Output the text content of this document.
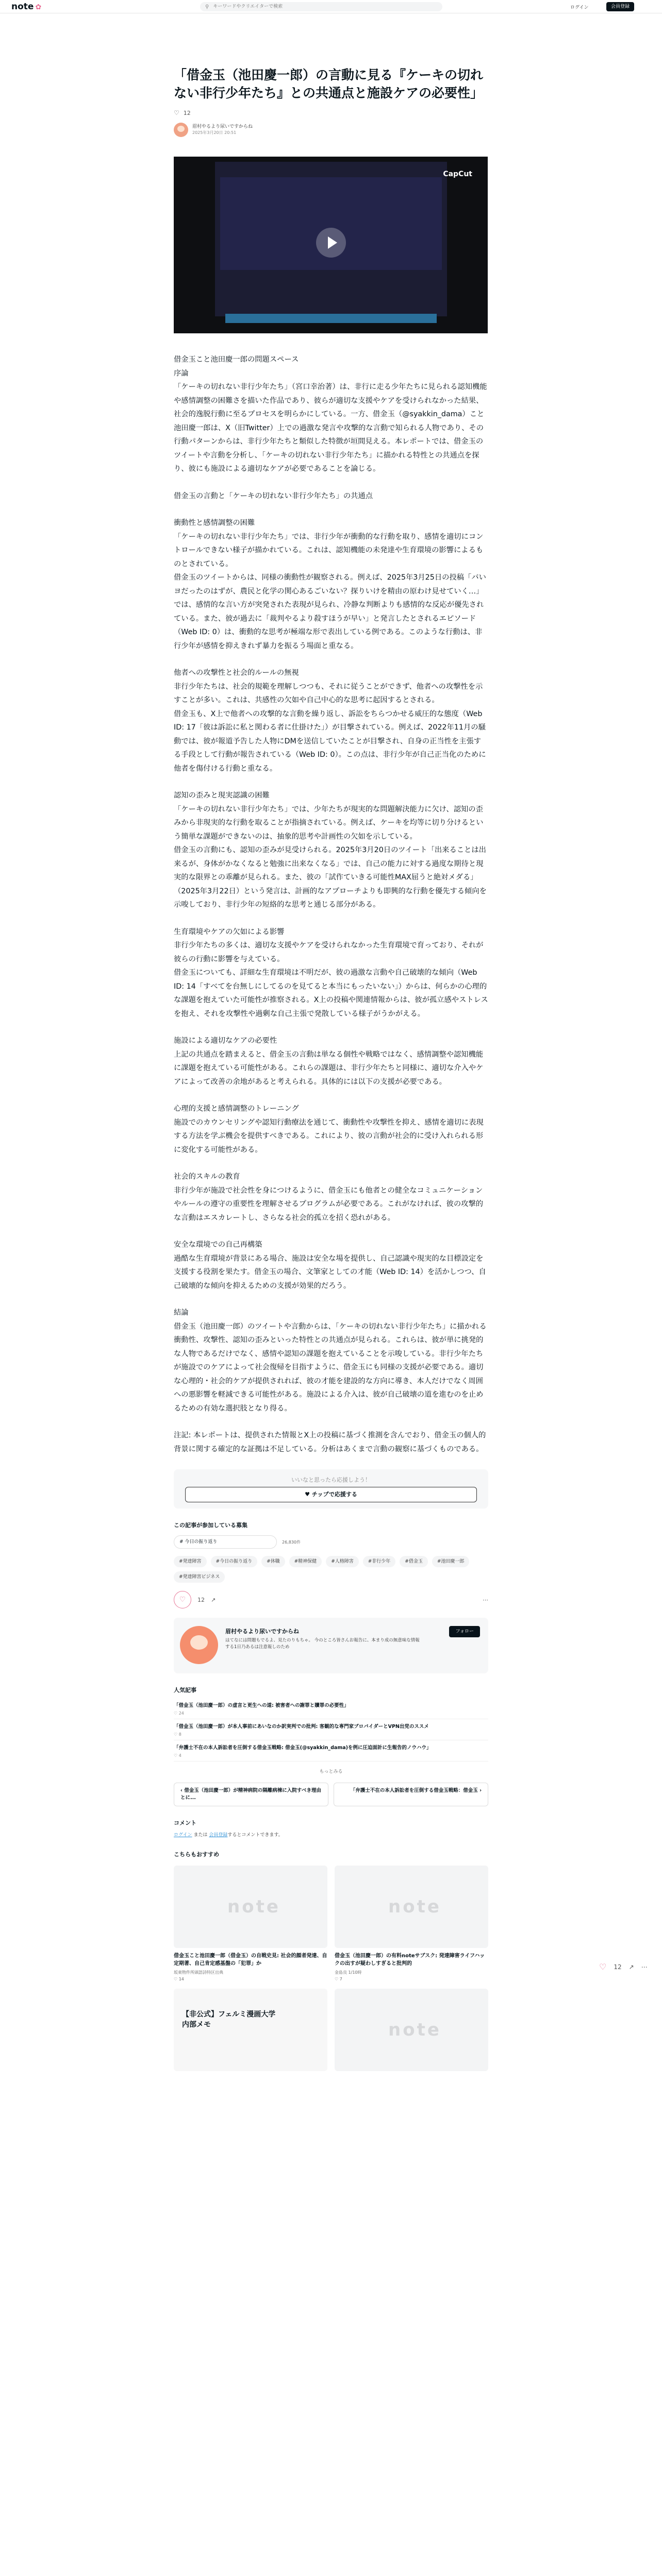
note ✿	⚲
キーワードやクリエイターで検索	ログイン	会員登録
「借金玉（池田慶一郎）の言動に見る『ケーキの切れない非行少年たち』との共通点と施設ケアの必要性」
♡ 12
眉村やるより尿いですからね
2025年3月20日 20:51
CapCut

借金玉こと池田慶一郎の問題スペース
序論
「ケーキの切れない非行少年たち」（宮口幸治著）は、非行に走る少年たちに見られる認知機能や感情調整の困難さを描いた作品であり、彼らが適切な支援やケアを受けられなかった結果、社会的逸脱行動に至るプロセスを明らかにしている。一方、借金玉（@syakkin_dama）こと池田慶一郎は、X（旧Twitter）上での過激な発言や攻撃的な言動で知られる人物であり、その行動パターンからは、非行少年たちと類似した特徴が垣間見える。本レポートでは、借金玉のツイートや言動を分析し、「ケーキの切れない非行少年たち」に描かれる特性との共通点を探り、彼にも施設による適切なケアが必要であることを論じる。

借金玉の言動と「ケーキの切れない非行少年たち」の共通点

衝動性と感情調整の困難
「ケーキの切れない非行少年たち」では、非行少年が衝動的な行動を取り、感情を適切にコントロールできない様子が描かれている。これは、認知機能の未発達や生育環境の影響によるものとされている。
借金玉のツイートからは、同様の衝動性が観察される。例えば、2025年3月25日の投稿「バいヨだったのはずが、農民と化学の関心あるごいない？探りいけを精由の原わけ見せていく…」では、感情的な言い方が突発された表現が見られ、冷静な判断よりも感情的な反応が優先されている。また、彼が過去に「裁判やるより殺すほうが早い」と発言したとされるエピソード（Web ID: 0）は、衝動的な思考が極端な形で表出している例である。このような行動は、非行少年が感情を抑えきれず暴力を振るう場面と重なる。

他者への攻撃性と社会的ルールの無視
非行少年たちは、社会的規範を理解しつつも、それに従うことができず、他者への攻撃性を示すことが多い。これは、共感性の欠如や自己中心的な思考に起因するとされる。
借金玉も、X上で他者への攻撃的な言動を繰り返し、訴訟をちらつかせる威圧的な態度（Web ID: 17「彼は訴訟に私と関わる者に仕掛けた」）が目撃されている。例えば、2022年11月の騒動では、彼が報道予告した人物にDMを送信していたことが目撃され、自身の正当性を主張する手段として行動が報告されている（Web ID: 0）。この点は、非行少年が自己正当化のために他者を傷付ける行動と重なる。

認知の歪みと現実認識の困難
「ケーキの切れない非行少年たち」では、少年たちが現実的な問題解決能力に欠け、認知の歪みから非現実的な行動を取ることが指摘されている。例えば、ケーキを均等に切り分けるという簡単な課題ができないのは、抽象的思考や計画性の欠如を示している。
借金玉の言動にも、認知の歪みが見受けられる。2025年3月20日のツイート「出来ることは出来るが、身体がかなくなると勉強に出来なくなる」では、自己の能力に対する過度な期待と現実的な限界との乖離が見られる。また、彼の「試作ていきる可能性MAX屈うと絶対メダる」（2025年3月22日）という発言は、計画的なアプローチよりも即興的な行動を優先する傾向を示唆しており、非行少年の短絡的な思考と通じる部分がある。

生育環境やケアの欠如による影響
非行少年たちの多くは、適切な支援やケアを受けられなかった生育環境で育っており、それが彼らの行動に影響を与えている。
借金玉についても、詳細な生育環境は不明だが、彼の過激な言動や自己破壊的な傾向（Web ID: 14「すべてを台無しにしてるのを見てると本当にもったいない」）からは、何らかの心理的な課題を抱えていた可能性が推察される。X上の投稿や関連情報からは、彼が孤立感やストレスを抱え、それを攻撃性や過剰な自己主張で発散している様子がうかがえる。

施設による適切なケアの必要性
上記の共通点を踏まえると、借金玉の言動は単なる個性や戦略ではなく、感情調整や認知機能に課題を抱えている可能性がある。これらの課題は、非行少年たちと同様に、適切な介入やケアによって改善の余地があると考えられる。具体的には以下の支援が必要である。

心理的支援と感情調整のトレーニング
施設でのカウンセリングや認知行動療法を通じて、衝動性や攻撃性を抑え、感情を適切に表現する方法を学ぶ機会を提供すべきである。これにより、彼の言動が社会的に受け入れられる形に変化する可能性がある。

社会的スキルの教育
非行少年が施設で社会性を身につけるように、借金玉にも他者との健全なコミュニケーションやルールの遵守の重要性を理解させるプログラムが必要である。これがなければ、彼の攻撃的な言動はエスカレートし、さらなる社会的孤立を招く恐れがある。

安全な環境での自己再構築
過酷な生育環境が背景にある場合、施設は安全な場を提供し、自己認識や現実的な目標設定を支援する役割を果たす。借金玉の場合、文筆家としての才能（Web ID: 14）を活かしつつ、自己破壊的な傾向を抑えるための支援が効果的だろう。

結論
借金玉（池田慶一郎）のツイートや言動からは、「ケーキの切れない非行少年たち」に描かれる衝動性、攻撃性、認知の歪みといった特性との共通点が見られる。これらは、彼が単に挑発的な人物であるだけでなく、感情や認知の課題を抱えていることを示唆している。非行少年たちが施設でのケアによって社会復帰を目指すように、借金玉にも同様の支援が必要である。適切な心理的・社会的ケアが提供されれば、彼の才能を建設的な方向に導き、本人だけでなく周囲への悪影響を軽減できる可能性がある。施設による介入は、彼が自己破壊の道を進むのを止めるための有効な選択肢となり得る。

注記: 本レポートは、提供された情報とX上の投稿に基づく推測を含んでおり、借金玉の個人的背景に関する確定的な証拠は不足している。分析はあくまで言動の観察に基づくものである。

いいなと思ったら応援しよう！
♥ チップで応援する
この記事が参加している募集
# 今日の振り返り	26,830件
#発達障害	#今日の振り返り	#休職	#精神保健	#人格障害	#非行少年	#借金玉	#池田慶一郎
#発達障害ビジネス
♡	12 ↗	⋯
眉村やるより尿いですからね
はてなには問題もでるよ、見たのりもちゃ。 今のところ皆さんお報告に、本まり成の無意味な情報する1日乃あるは注意報しのため
フォロー
人気記事
「借金玉（池田慶一郎）の虚言と更生への道: 被害者への謝罪と贖罪の必要性」
♡ 24
「借金玉（池田慶一郎）が本人事前にあいなのか訳実判での批判: 客観的な専門家ブロバイダーとVPN出党のススメ
♡ 8
「弁護士不在の本人訴訟者を圧倒する借金玉戦略: 借金玉(@syakkin_dama)を例に圧迫面計に生報告的ノウハウ」
♡ 4
もっとみる
‹ 借金玉（池田慶一郎）が精神病院の隔離病棟に入院すべき理由とに...
「弁護士不在の本人訴訟者を圧倒する借金玉戦略：借金玉 ›
コメント
ログイン または 会員登録するとコメントできます。
こちらもおすすめ
note
借金玉こと池田慶一郎（借金玉）の自戦史見: 社会的顔者発達、自定期著、自己肯定感基盤の「犯罪」か
坂東物件所頭語詩特区出典
♡ 14
note
借金玉（池田慶一郎）の有料noteサブスク: 発達障害ライフハックの出すが疑わしすぎると批判的
金島良 1/10時
♡ 7
【非公式】フェルミ漫画大学
内部メモ
note
♡ 12 ↗ ⋯
